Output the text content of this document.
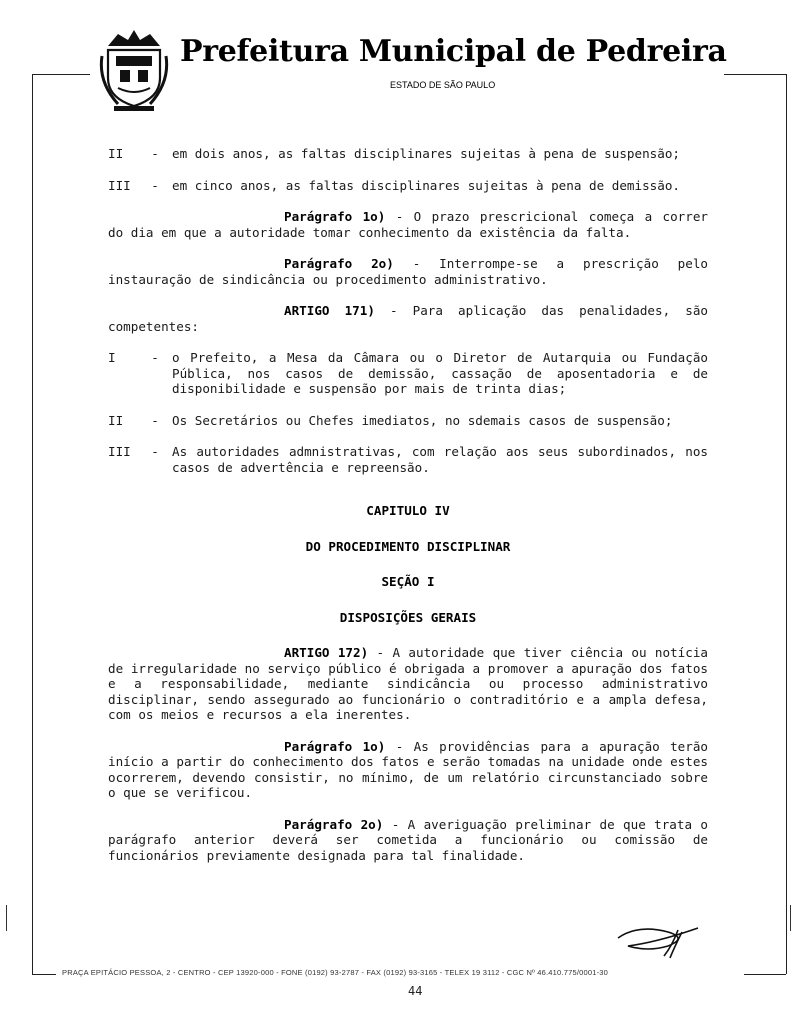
Prefeitura Municipal de Pedreira
ESTADO DE SÃO PAULO
II	-	em dois anos, as faltas disciplinares sujeitas à pena de suspensão;
III	-	em cinco anos, as faltas disciplinares sujeitas à pena de demissão.
Parágrafo 1o) - O prazo prescricional começa a correr do dia em que a autoridade tomar conhecimento da existência da falta.
Parágrafo 2o) - Interrompe-se a prescrição pelo instauração de sindicância ou procedimento administrativo.
ARTIGO 171) - Para aplicação das penalidades, são competentes:
I	-	o Prefeito, a Mesa da Câmara ou o Diretor de Autarquia ou Fundação Pública, nos casos de demissão, cassação de aposentadoria e de disponibilidade e suspensão por mais de trinta dias;
II	-	Os Secretários ou Chefes imediatos, no sdemais casos de suspensão;
III	-	As autoridades admnistrativas, com relação aos seus subordinados, nos casos de advertência e repreensão.
CAPITULO IV
DO PROCEDIMENTO DISCIPLINAR
SEÇÃO I
DISPOSIÇÕES GERAIS
ARTIGO 172) - A autoridade que tiver ciência ou notícia de irregularidade no serviço público é obrigada a promover a apuração dos fatos e a responsabilidade, mediante sindicância ou processo administrativo disciplinar, sendo assegurado ao funcionário o contraditório e a ampla defesa, com os meios e recursos a ela inerentes.
Parágrafo 1o) - As providências para a apuração terão início a partir do conhecimento dos fatos e serão tomadas na unidade onde estes ocorrerem, devendo consistir, no mínimo, de um relatório circunstanciado sobre o que se verificou.
Parágrafo 2o) - A averiguação preliminar de que trata o parágrafo anterior deverá ser cometida a funcionário ou comissão de funcionários previamente designada para tal finalidade.
PRAÇA EPITÁCIO PESSOA, 2 - CENTRO - CEP 13920-000 - FONE (0192) 93-2787 - FAX (0192) 93-3165 - TELEX 19 3112 - CGC Nº 46.410.775/0001-30
44
